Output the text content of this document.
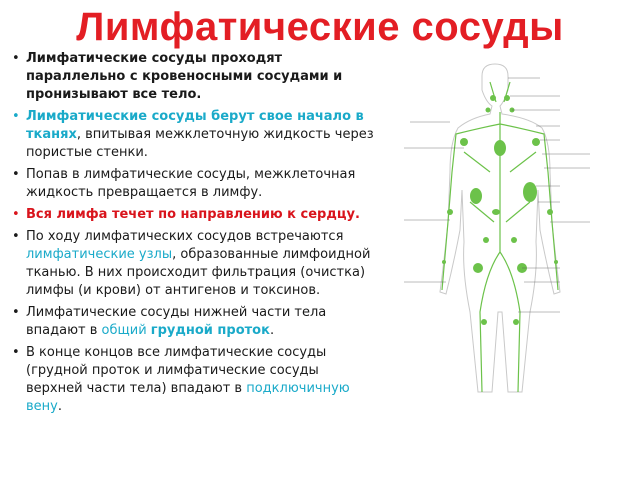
Лимфатические сосуды
• Лимфатические сосуды проходят параллельно с кровеносными сосудами и пронизывают все тело.
• Лимфатические сосуды берут свое начало в тканях, впитывая межклеточную жидкость через пористые стенки.
• Попав в лимфатические сосуды, межклеточная жидкость превращается в лимфу.
• Вся лимфа течет по направлению к сердцу.
• По ходу лимфатических сосудов встречаются лимфатические узлы, образованные лимфоидной тканью. В них происходит фильтрация (очистка) лимфы (и крови) от антигенов и токсинов.
• Лимфатические сосуды нижней части тела впадают в общий грудной проток.
• В конце концов все лимфатические сосуды (грудной проток и лимфатические сосуды верхней части тела) впадают в подключичную вену.
